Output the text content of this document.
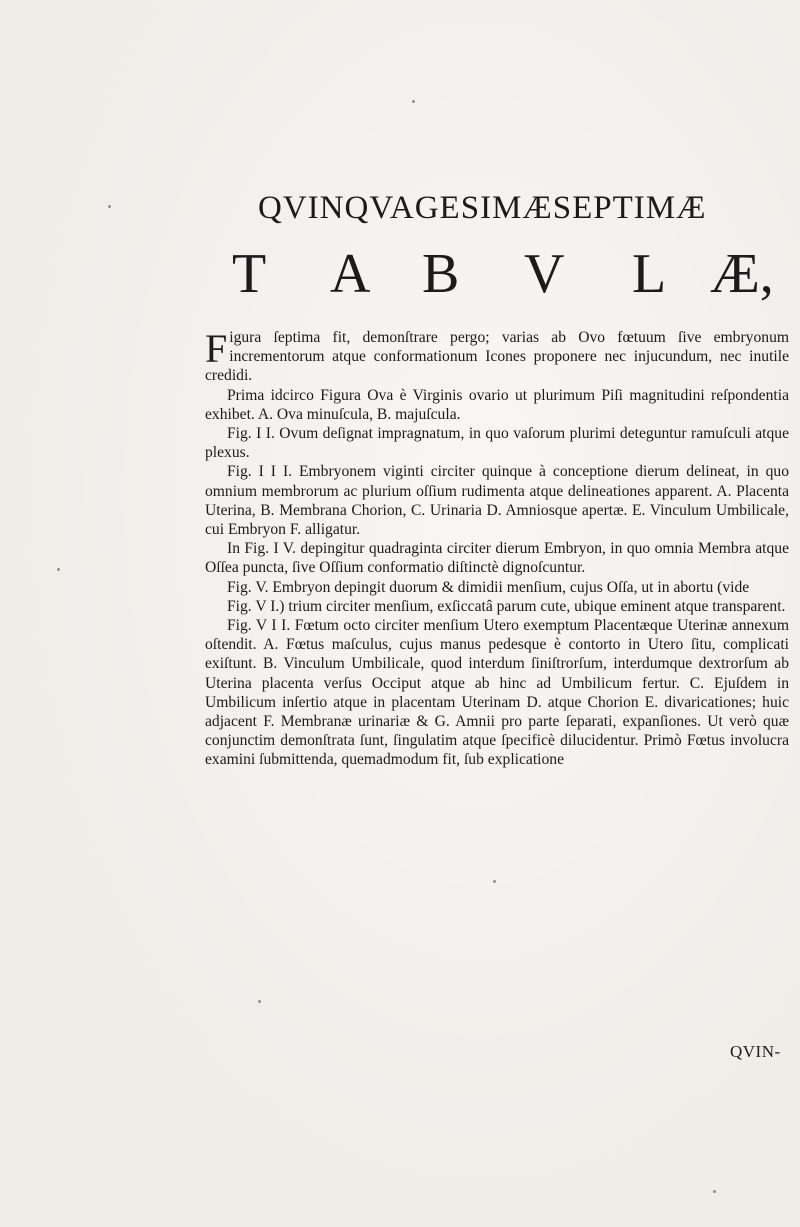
QVINQVAGESIMÆSEPTIMÆ
T A B V L Æ,

Figura ſeptima fit, demonſtrare pergo; varias ab Ovo fœtuum ſive embryonum incrementorum atque conformationum Icones proponere nec injucundum, nec inutile credidi.

Prima idcirco Figura Ova è Virginis ovario ut plurimum Piſi magnitudini reſpondentia exhibet. A. Ova minuſcula, B. majuſcula.

Fig. I I. Ovum deſignat impragnatum, in quo vaſorum plurimi deteguntur ramuſculi atque plexus.

Fig. I I I. Embryonem viginti circiter quinque à conceptione dierum delineat, in quo omnium membrorum ac plurium oſſium rudimenta atque delineationes apparent. A. Placenta Uterina, B. Membrana Chorion, C. Urinaria D. Amniosque apertæ. E. Vinculum Umbilicale, cui Embryon F. alligatur.

In Fig. I V. depingitur quadraginta circiter dierum Embryon, in quo omnia Membra atque Oſſea puncta, ſive Oſſium conformatio diſtinctè dignoſcuntur.

Fig. V. Embryon depingit duorum & dimidii menſium, cujus Oſſa, ut in abortu (vide

Fig. V I.) trium circiter menſium, exſiccatâ parum cute, ubique eminent atque transparent.

Fig. V I I. Fœtum octo circiter menſium Utero exemptum Placentæque Uterinæ annexum oſtendit. A. Fœtus maſculus, cujus manus pedesque è contorto in Utero ſitu, complicati exiſtunt. B. Vinculum Umbilicale, quod interdum ſiniſtrorſum, interdumque dextrorſum ab Uterina placenta verſus Occiput atque ab hinc ad Umbilicum fertur. C. Ejuſdem in Umbilicum inſertio atque in placentam Uterinam D. atque Chorion E. divaricationes; huic adjacent F. Membranæ urinariæ & G. Amnii pro parte ſeparati, expanſiones. Ut verò quæ conjunctim demonſtrata ſunt, ſingulatim atque ſpecificè dilucidentur. Primò Fœtus involucra examini ſubmittenda, quemadmodum fit, ſub explicatione

QVIN-
